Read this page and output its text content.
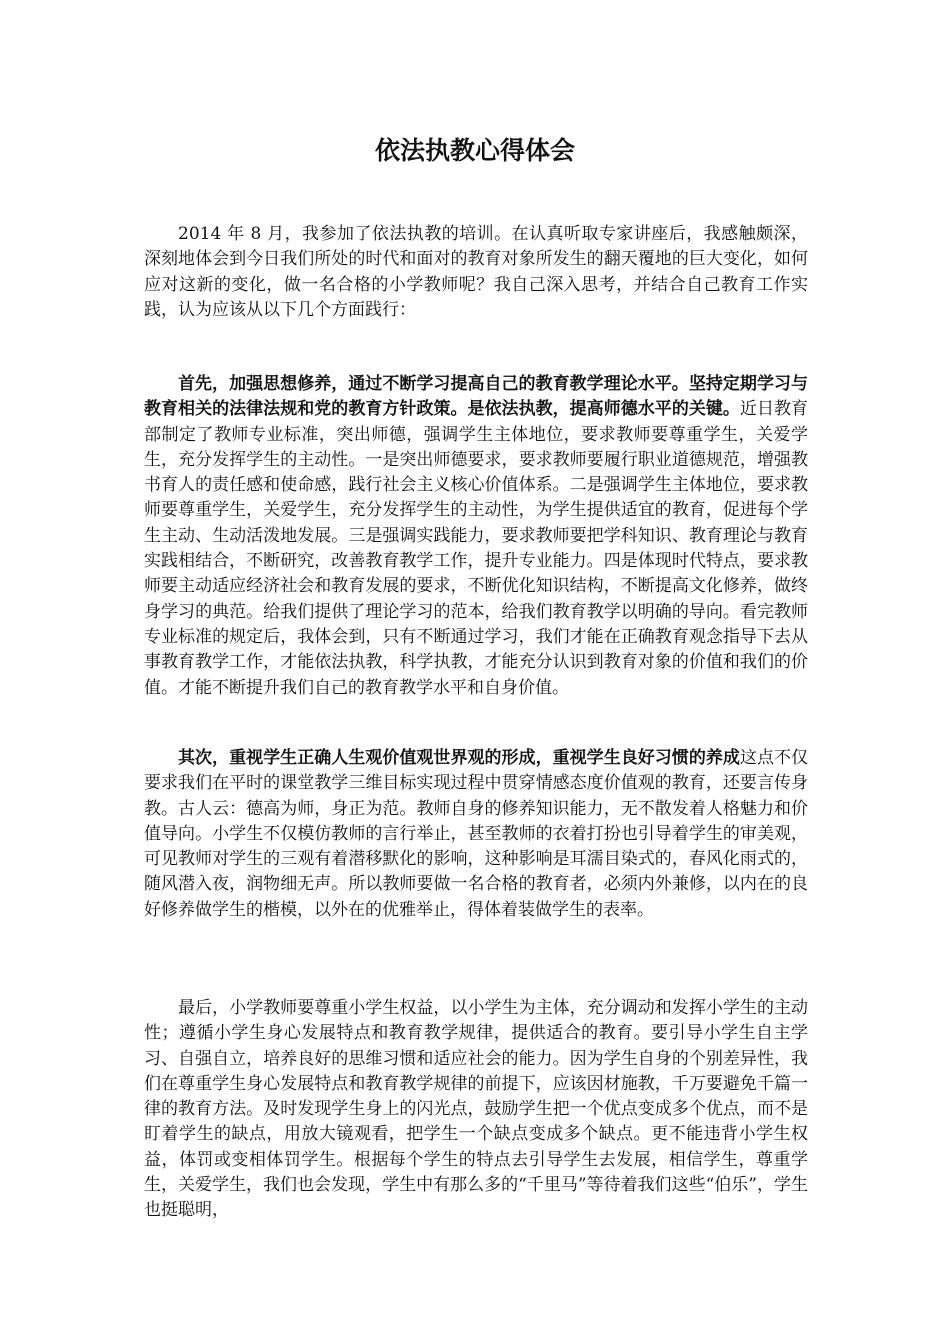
依法执教心得体会

2014 年 8 月，我参加了依法执教的培训。在认真听取专家讲座后，我感触颇深，深刻地体会到今日我们所处的时代和面对的教育对象所发生的翻天覆地的巨大变化，如何应对这新的变化，做一名合格的小学教师呢？我自己深入思考，并结合自己教育工作实践，认为应该从以下几个方面践行：

首先，加强思想修养，通过不断学习提高自己的教育教学理论水平。坚持定期学习与教育相关的法律法规和党的教育方针政策。是依法执教，提高师德水平的关键。近日教育部制定了教师专业标准，突出师德，强调学生主体地位，要求教师要尊重学生，关爱学生，充分发挥学生的主动性。一是突出师德要求，要求教师要履行职业道德规范，增强教书育人的责任感和使命感，践行社会主义核心价值体系。二是强调学生主体地位，要求教师要尊重学生，关爱学生，充分发挥学生的主动性，为学生提供适宜的教育，促进每个学生主动、生动活泼地发展。三是强调实践能力，要求教师要把学科知识、教育理论与教育实践相结合，不断研究，改善教育教学工作，提升专业能力。四是体现时代特点，要求教师要主动适应经济社会和教育发展的要求，不断优化知识结构，不断提高文化修养，做终身学习的典范。给我们提供了理论学习的范本，给我们教育教学以明确的导向。看完教师专业标准的规定后，我体会到，只有不断通过学习，我们才能在正确教育观念指导下去从事教育教学工作，才能依法执教，科学执教，才能充分认识到教育对象的价值和我们的价值。才能不断提升我们自己的教育教学水平和自身价值。

其次，重视学生正确人生观价值观世界观的形成，重视学生良好习惯的养成这点不仅要求我们在平时的课堂教学三维目标实现过程中贯穿情感态度价值观的教育，还要言传身教。古人云：德高为师，身正为范。教师自身的修养知识能力，无不散发着人格魅力和价值导向。小学生不仅模仿教师的言行举止，甚至教师的衣着打扮也引导着学生的审美观，可见教师对学生的三观有着潜移默化的影响，这种影响是耳濡目染式的，春风化雨式的，随风潜入夜，润物细无声。所以教师要做一名合格的教育者，必须内外兼修，以内在的良好修养做学生的楷模，以外在的优雅举止，得体着装做学生的表率。

最后，小学教师要尊重小学生权益，以小学生为主体，充分调动和发挥小学生的主动性；遵循小学生身心发展特点和教育教学规律，提供适合的教育。要引导小学生自主学习、自强自立，培养良好的思维习惯和适应社会的能力。因为学生自身的个别差异性，我们在尊重学生身心发展特点和教育教学规律的前提下，应该因材施教，千万要避免千篇一律的教育方法。及时发现学生身上的闪光点，鼓励学生把一个优点变成多个优点，而不是盯着学生的缺点，用放大镜观看，把学生一个缺点变成多个缺点。更不能违背小学生权益，体罚或变相体罚学生。根据每个学生的特点去引导学生去发展，相信学生，尊重学生，关爱学生，我们也会发现，学生中有那么多的“千里马”等待着我们这些“伯乐”，学生也挺聪明，
